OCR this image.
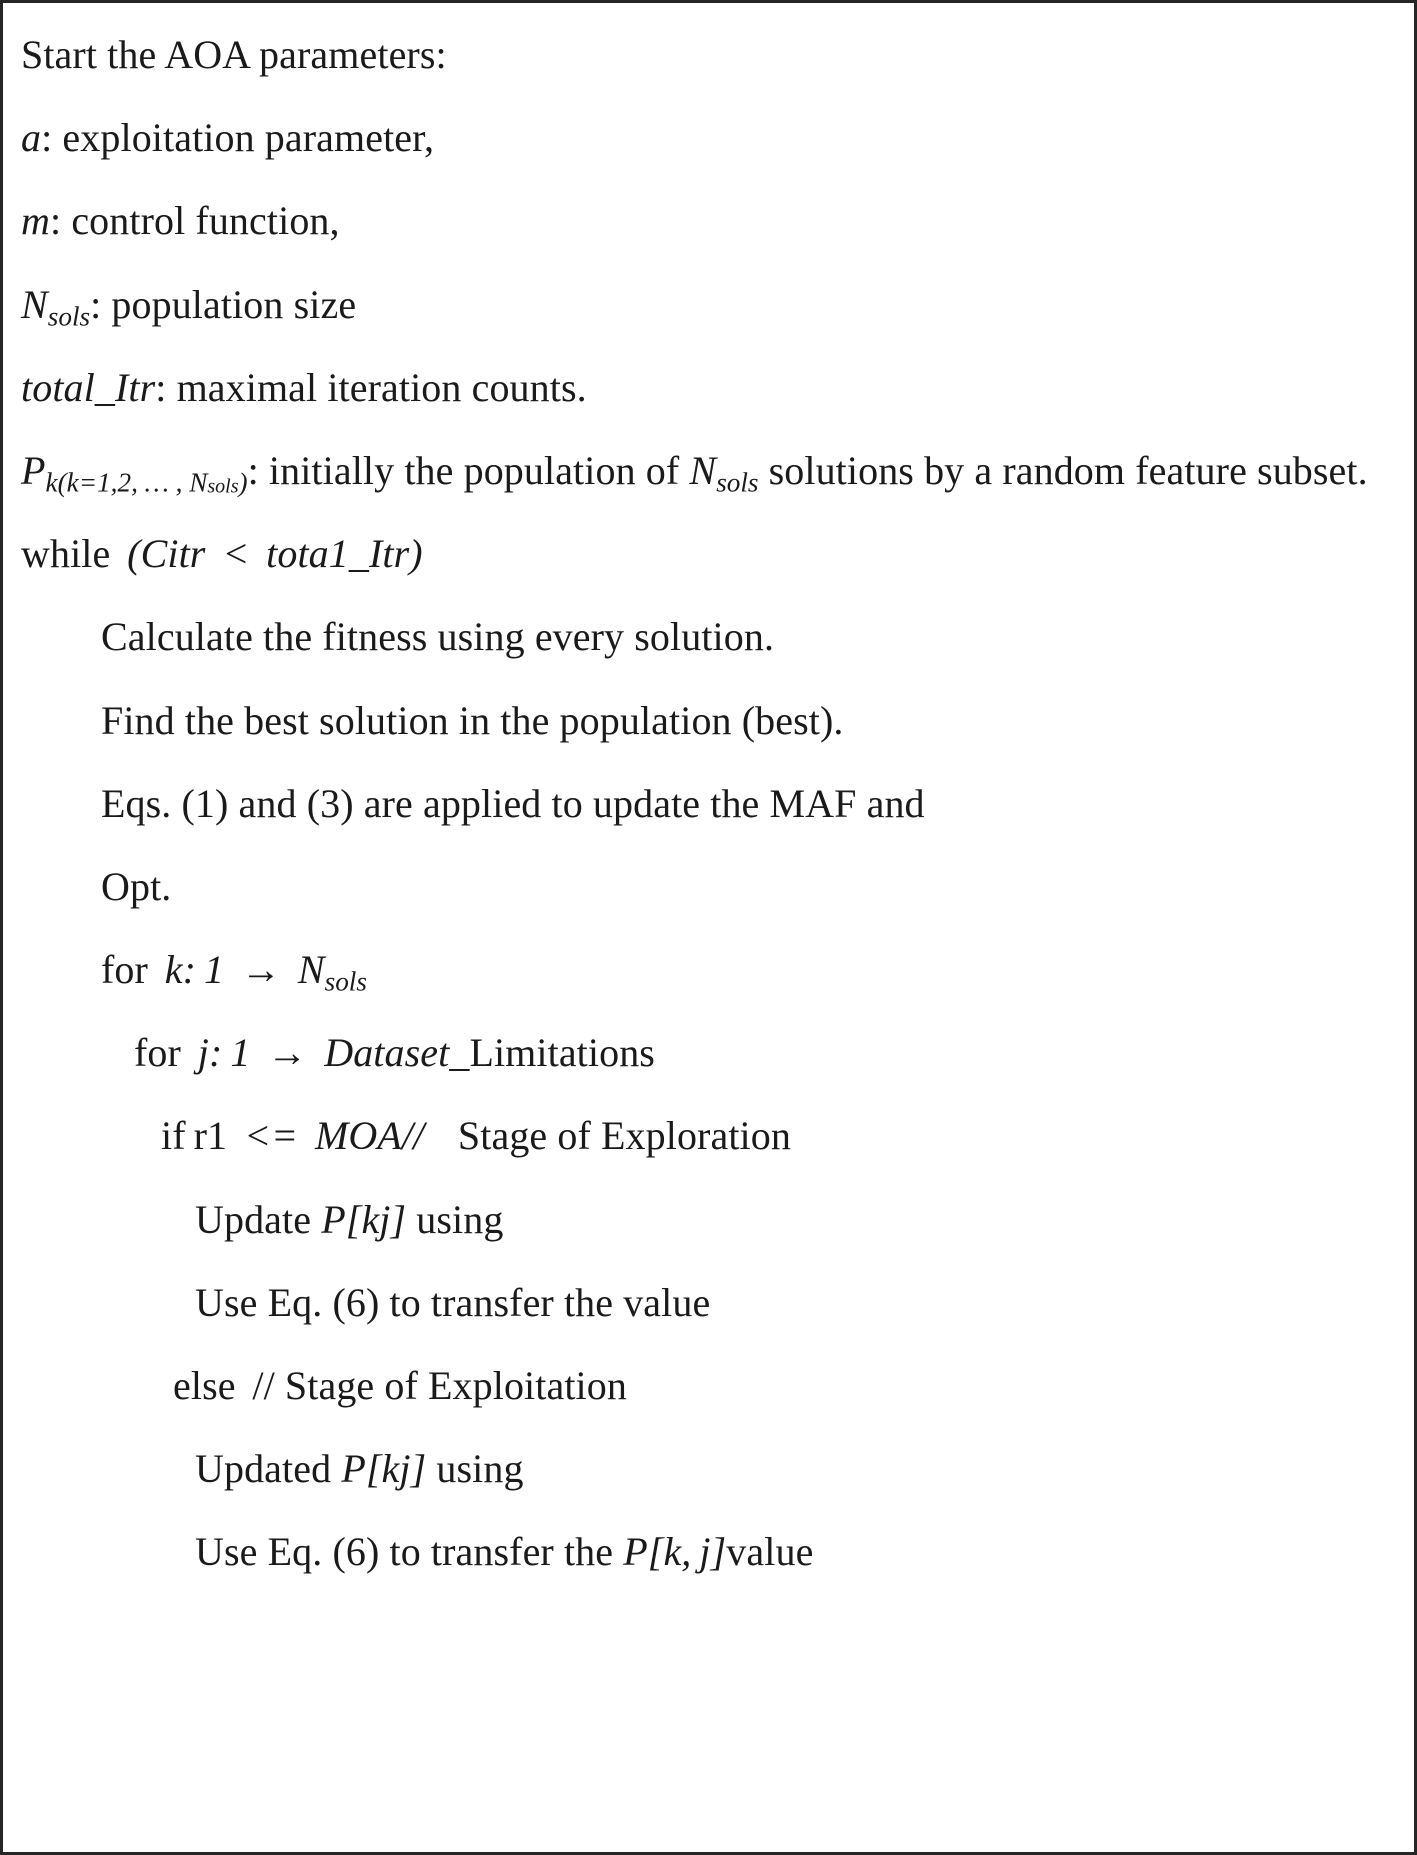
Start the AOA parameters:
a: exploitation parameter,
m: control function,
$N_{sols}$: population size
total_Itr: maximal iteration counts.
$P_{k(k=1,2, \dots ,}$ $_{Nsols)}$: initially the population of $N_{sols}$ solutions by a random feature subset.
while (Citr < tota1_Itr)
Calculate the fitness using every solution.
Find the best solution in the population (best).
Eqs. (1) and (3) are applied to update the MAF and
Opt.
for k: $1 \to N_{sols}$
for j: 1 → Dataset_Limitations
if r1 <= MOA// Stage of Exploration
Update P[kj] using
Use Eq. (6) to transfer the value
else // Stage of Exploitation
Updated P[kj] using
Use Eq. (6) to transfer the P[k, j]value
